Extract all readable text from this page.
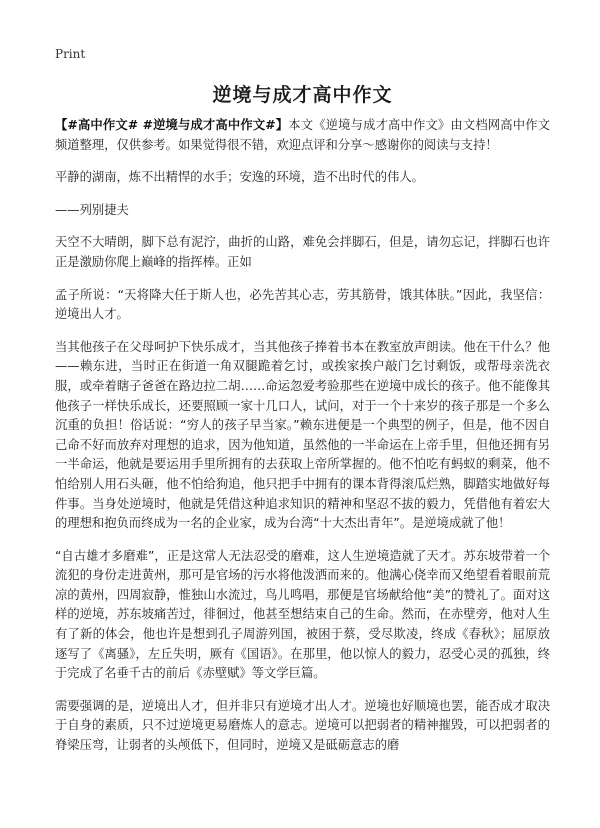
Print
逆境与成才高中作文

【#高中作文# #逆境与成才高中作文#】本文《逆境与成才高中作文》由文档网高中作文频道整理，仅供参考。如果觉得很不错，欢迎点评和分享～感谢你的阅读与支持！

平静的湖南，炼不出精悍的水手；安逸的环境，造不出时代的伟人。

——列别捷夫

天空不大晴朗，脚下总有泥泞，曲折的山路，难免会拌脚石，但是，请勿忘记，拌脚石也许正是激励你爬上巅峰的指挥棒。正如

孟子所说：“天将降大任于斯人也，必先苦其心志，劳其筋骨，饿其体肤。”因此，我坚信：逆境出人才。

当其他孩子在父母呵护下快乐成才，当其他孩子捧着书本在教室放声朗读。他在干什么？他——赖东进，当时正在街道一角双腿跪着乞讨，或挨家挨户敲门乞讨剩饭，或帮母亲洗衣服，或牵着瞎子爸爸在路边拉二胡……命运忽爱考验那些在逆境中成长的孩子。他不能像其他孩子一样快乐成长，还要照顾一家十几口人，试问，对于一个十来岁的孩子那是一个多么沉重的负担！俗话说：“穷人的孩子早当家。”赖东进便是一个典型的例子，但是，他不因自己命不好而放弃对理想的追求，因为他知道，虽然他的一半命运在上帝手里，但他还拥有另一半命运，他就是要运用手里所拥有的去获取上帝所掌握的。他不怕吃有蚂蚁的剩菜，他不怕给别人用石头砸，他不怕给狗追，他只把手中拥有的课本背得滚瓜烂熟，脚踏实地做好每件事。当身处逆境时，他就是凭借这种追求知识的精神和坚忍不拔的毅力，凭借他有着宏大的理想和抱负而终成为一名的企业家，成为台湾“十大杰出青年”。是逆境成就了他！

“自古雄才多磨难”，正是这常人无法忍受的磨难，这人生逆境造就了天才。苏东坡带着一个流犯的身份走进黄州，那可是官场的污水将他泼洒而来的。他满心侥幸而又绝望看着眼前荒凉的黄州，四周寂静，惟独山水流过，鸟儿鸣唱，那便是官场献给他“美”的赞礼了。面对这样的逆境，苏东坡痛苦过，徘徊过，他甚至想结束自己的生命。然而，在赤壁旁，他对人生有了新的体会，他也许是想到孔子周游列国，被困于蔡，受尽欺凌，终成《春秋》；屈原放逐写了《离骚》，左丘失明，厥有《国语》。在那里，他以惊人的毅力，忍受心灵的孤独，终于完成了名垂千古的前后《赤壁赋》等文学巨篇。

需要强调的是，逆境出人才，但并非只有逆境才出人才。逆境也好顺境也罢，能否成才取决于自身的素质，只不过逆境更易磨炼人的意志。逆境可以把弱者的精神摧毁，可以把弱者的脊梁压弯，让弱者的头颅低下，但同时，逆境又是砥砺意志的磨
